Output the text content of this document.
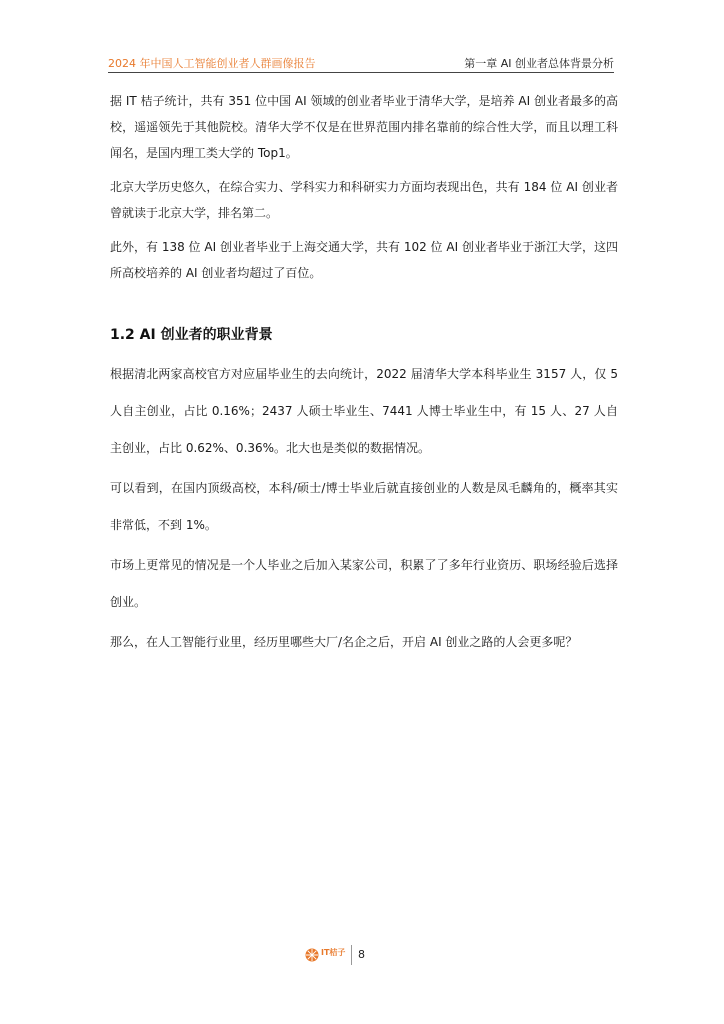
2024 年中国人工智能创业者人群画像报告	第一章 AI 创业者总体背景分析

据 IT 桔子统计，共有 351 位中国 AI 领域的创业者毕业于清华大学，是培养 AI 创业者最多的高校，遥遥领先于其他院校。清华大学不仅是在世界范围内排名靠前的综合性大学，而且以理工科闻名，是国内理工类大学的 Top1。

北京大学历史悠久，在综合实力、学科实力和科研实力方面均表现出色，共有 184 位 AI 创业者曾就读于北京大学，排名第二。

此外，有 138 位 AI 创业者毕业于上海交通大学，共有 102 位 AI 创业者毕业于浙江大学，这四所高校培养的 AI 创业者均超过了百位。

1.2 AI 创业者的职业背景

根据清北两家高校官方对应届毕业生的去向统计，2022 届清华大学本科毕业生 3157 人，仅 5 人自主创业，占比 0.16%；2437 人硕士毕业生、7441 人博士毕业生中，有 15 人、27 人自主创业，占比 0.62%、0.36%。北大也是类似的数据情况。

可以看到，在国内顶级高校，本科/硕士/博士毕业后就直接创业的人数是凤毛麟角的，概率其实非常低，不到 1%。

市场上更常见的情况是一个人毕业之后加入某家公司，积累了了多年行业资历、职场经验后选择创业。

那么，在人工智能行业里，经历里哪些大厂/名企之后，开启 AI 创业之路的人会更多呢？

IT桔子 8
